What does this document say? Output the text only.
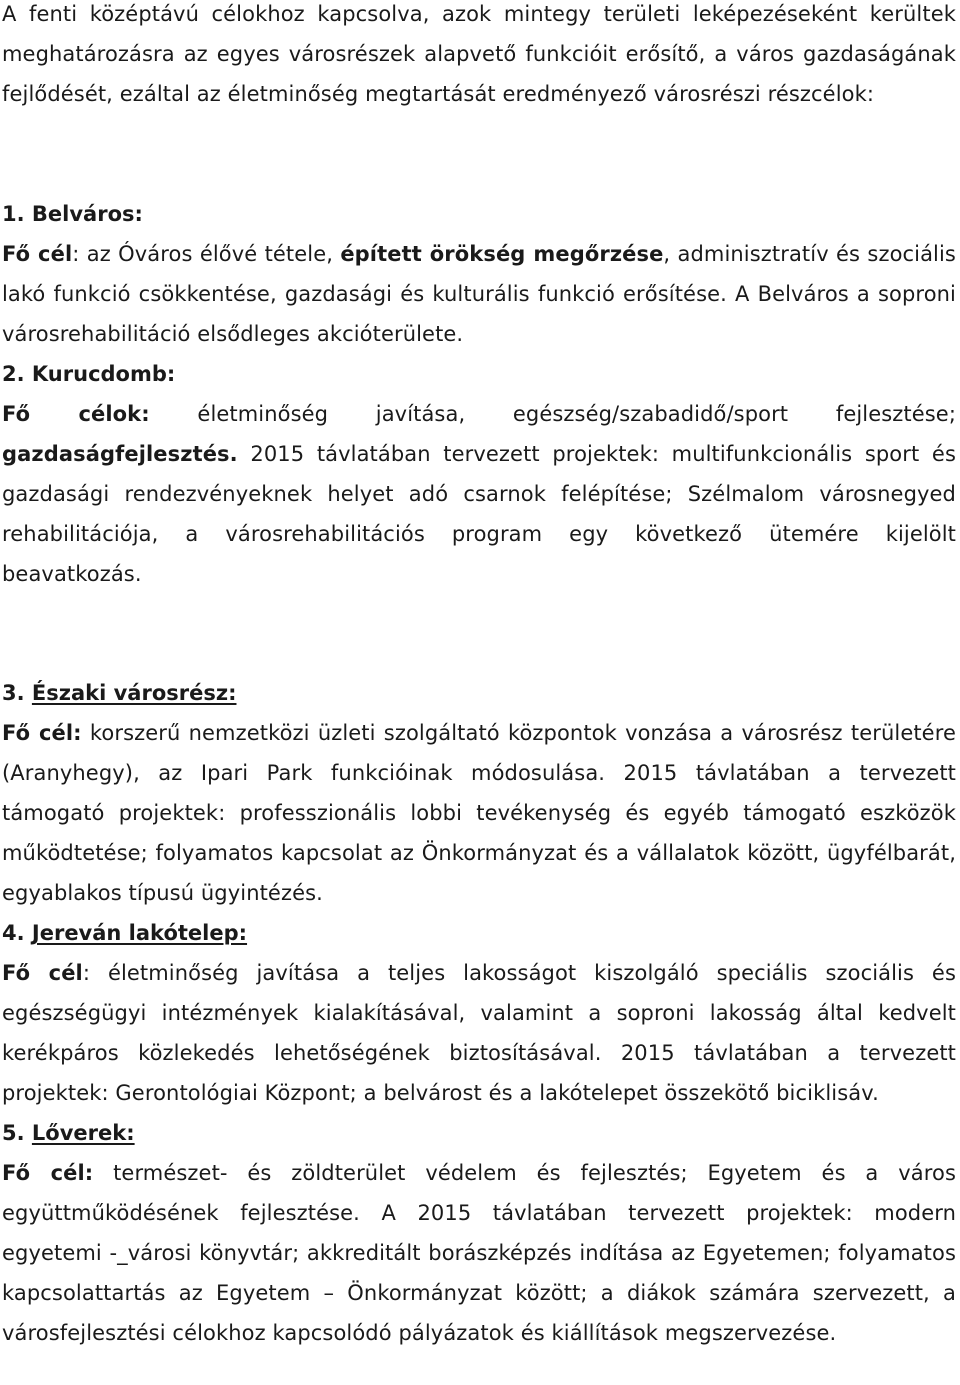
A fenti középtávú célokhoz kapcsolva, azok mintegy területi leképezéseként kerültek meghatározásra az egyes városrészek alapvető funkcióit erősítő, a város gazdaságának fejlődését, ezáltal az életminőség megtartását eredményező városrészi részcélok:

1. Belváros:

Fő cél: az Óváros élővé tétele, épített örökség megőrzése, adminisztratív és szociális lakó funkció csökkentése, gazdasági és kulturális funkció erősítése. A Belváros a soproni városrehabilitáció elsődleges akcióterülete.

2. Kurucdomb:

Fő célok: életminőség javítása, egészség/szabadidő/sport fejlesztése; gazdaságfejlesztés. 2015 távlatában tervezett projektek: multifunkcionális sport és gazdasági rendezvényeknek helyet adó csarnok felépítése; Szélmalom városnegyed rehabilitációja, a városrehabilitációs program egy következő ütemére kijelölt beavatkozás.

3. Északi városrész:

Fő cél: korszerű nemzetközi üzleti szolgáltató központok vonzása a városrész területére (Aranyhegy), az Ipari Park funkcióinak módosulása. 2015 távlatában a tervezett támogató projektek: professzionális lobbi tevékenység és egyéb támogató eszközök működtetése; folyamatos kapcsolat az Önkormányzat és a vállalatok között, ügyfélbarát, egyablakos típusú ügyintézés.

4. Jereván lakótelep:

Fő cél: életminőség javítása a teljes lakosságot kiszolgáló speciális szociális és egészségügyi intézmények kialakításával, valamint a soproni lakosság által kedvelt kerékpáros közlekedés lehetőségének biztosításával. 2015 távlatában a tervezett projektek: Gerontológiai Központ; a belvárost és a lakótelepet összekötő biciklisáv.

5. Lőverek:

Fő cél: természet- és zöldterület védelem és fejlesztés; Egyetem és a város együttműködésének fejlesztése. A 2015 távlatában tervezett projektek: modern egyetemi -_városi könyvtár; akkreditált borászképzés indítása az Egyetemen; folyamatos kapcsolattartás az Egyetem – Önkormányzat között; a diákok számára szervezett, a városfejlesztési célokhoz kapcsolódó pályázatok és kiállítások megszervezése.
